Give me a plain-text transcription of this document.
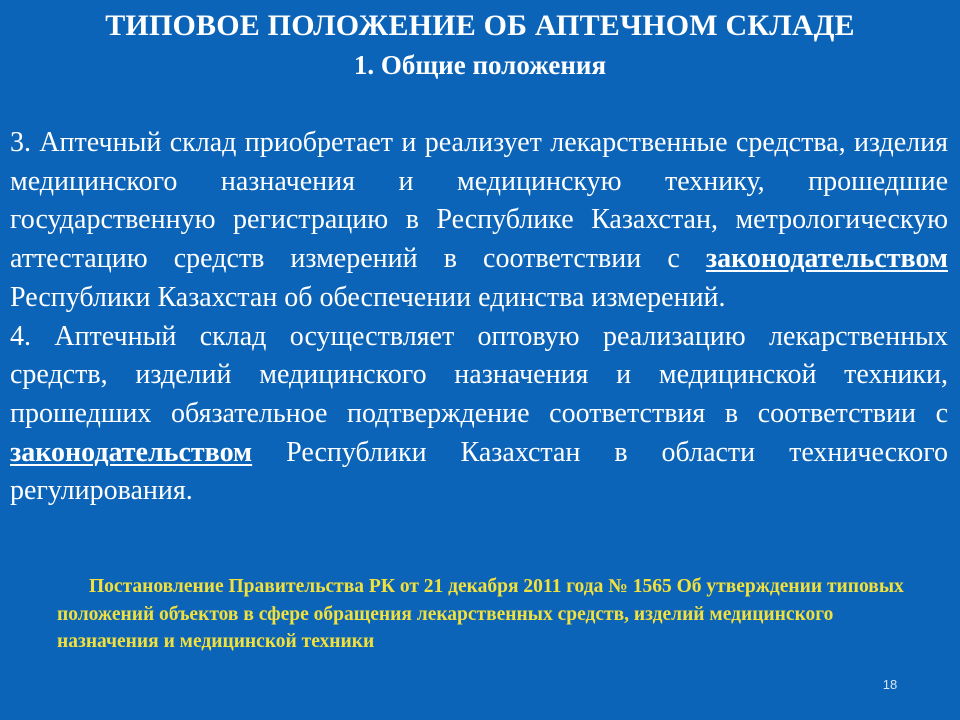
ТИПОВОЕ ПОЛОЖЕНИЕ ОБ АПТЕЧНОМ СКЛАДЕ
1. Общие положения

3. Аптечный склад приобретает и реализует лекарственные средства, изделия медицинского назначения и медицинскую технику, прошедшие государственную регистрацию в Республике Казахстан, метрологическую аттестацию средств измерений в соответствии с законодательством Республики Казахстан об обеспечении единства измерений.

4. Аптечный склад осуществляет оптовую реализацию лекарственных средств, изделий медицинского назначения и медицинской техники, прошедших обязательное подтверждение соответствия в соответствии с законодательством Республики Казахстан в области технического регулирования.

Постановление Правительства РК от 21 декабря 2011 года № 1565 Об утверждении типовых положений объектов в сфере обращения лекарственных средств, изделий медицинского назначения и медицинской техники
18
